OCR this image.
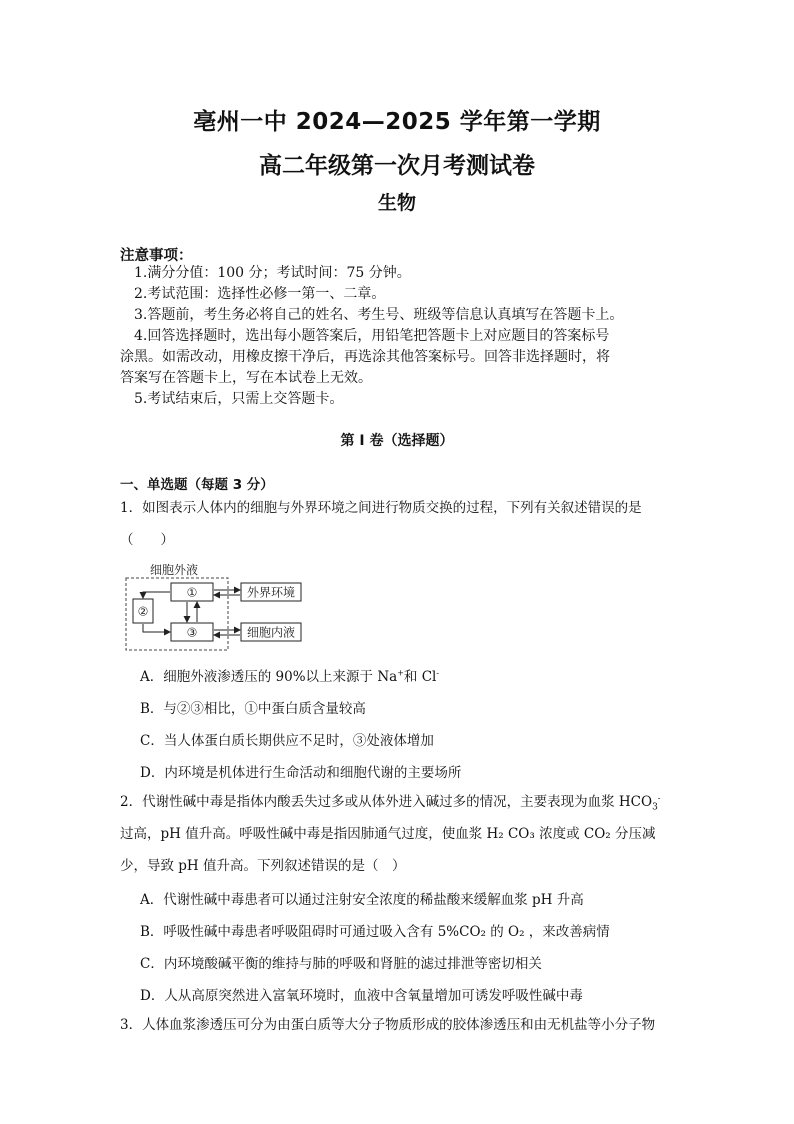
亳州一中 2024—2025 学年第一学期
高二年级第一次月考测试卷
生物
注意事项：

1.满分分值：100 分；考试时间：75 分钟。

2.考试范围：选择性必修一第一、二章。

3.答题前，考生务必将自己的姓名、考生号、班级等信息认真填写在答题卡上。

4.回答选择题时，选出每小题答案后，用铅笔把答题卡上对应题目的答案标号

涂黑。如需改动，用橡皮擦干净后，再选涂其他答案标号。回答非选择题时，将

答案写在答题卡上，写在本试卷上无效。

5.考试结束后，只需上交答题卡。

第 I 卷（选择题）
一、单选题（每题 3 分）
1．如图表示人体内的细胞与外界环境之间进行物质交换的过程，下列有关叙述错误的是
（　　）
细胞外液
①
②
③
外界环境
细胞内液
A．细胞外液渗透压的 90%以上来源于 Na+和 Cl-
B．与②③相比，①中蛋白质含量较高
C．当人体蛋白质长期供应不足时，③处液体增加
D．内环境是机体进行生命活动和细胞代谢的主要场所
2．代谢性碱中毒是指体内酸丢失过多或从体外进入碱过多的情况，主要表现为血浆 $HCO_3^-$
过高，pH 值升高。呼吸性碱中毒是指因肺通气过度，使血浆 H₂ CO₃ 浓度或 CO₂ 分压减
少，导致 pH 值升高。下列叙述错误的是（　）
A．代谢性碱中毒患者可以通过注射安全浓度的稀盐酸来缓解血浆 pH 升高
B．呼吸性碱中毒患者呼吸阻碍时可通过吸入含有 5%CO₂ 的 O₂ ，来改善病情
C．内环境酸碱平衡的维持与肺的呼吸和肾脏的滤过排泄等密切相关
D．人从高原突然进入富氧环境时，血液中含氧量增加可诱发呼吸性碱中毒
3．人体血浆渗透压可分为由蛋白质等大分子物质形成的胶体渗透压和由无机盐等小分子物
